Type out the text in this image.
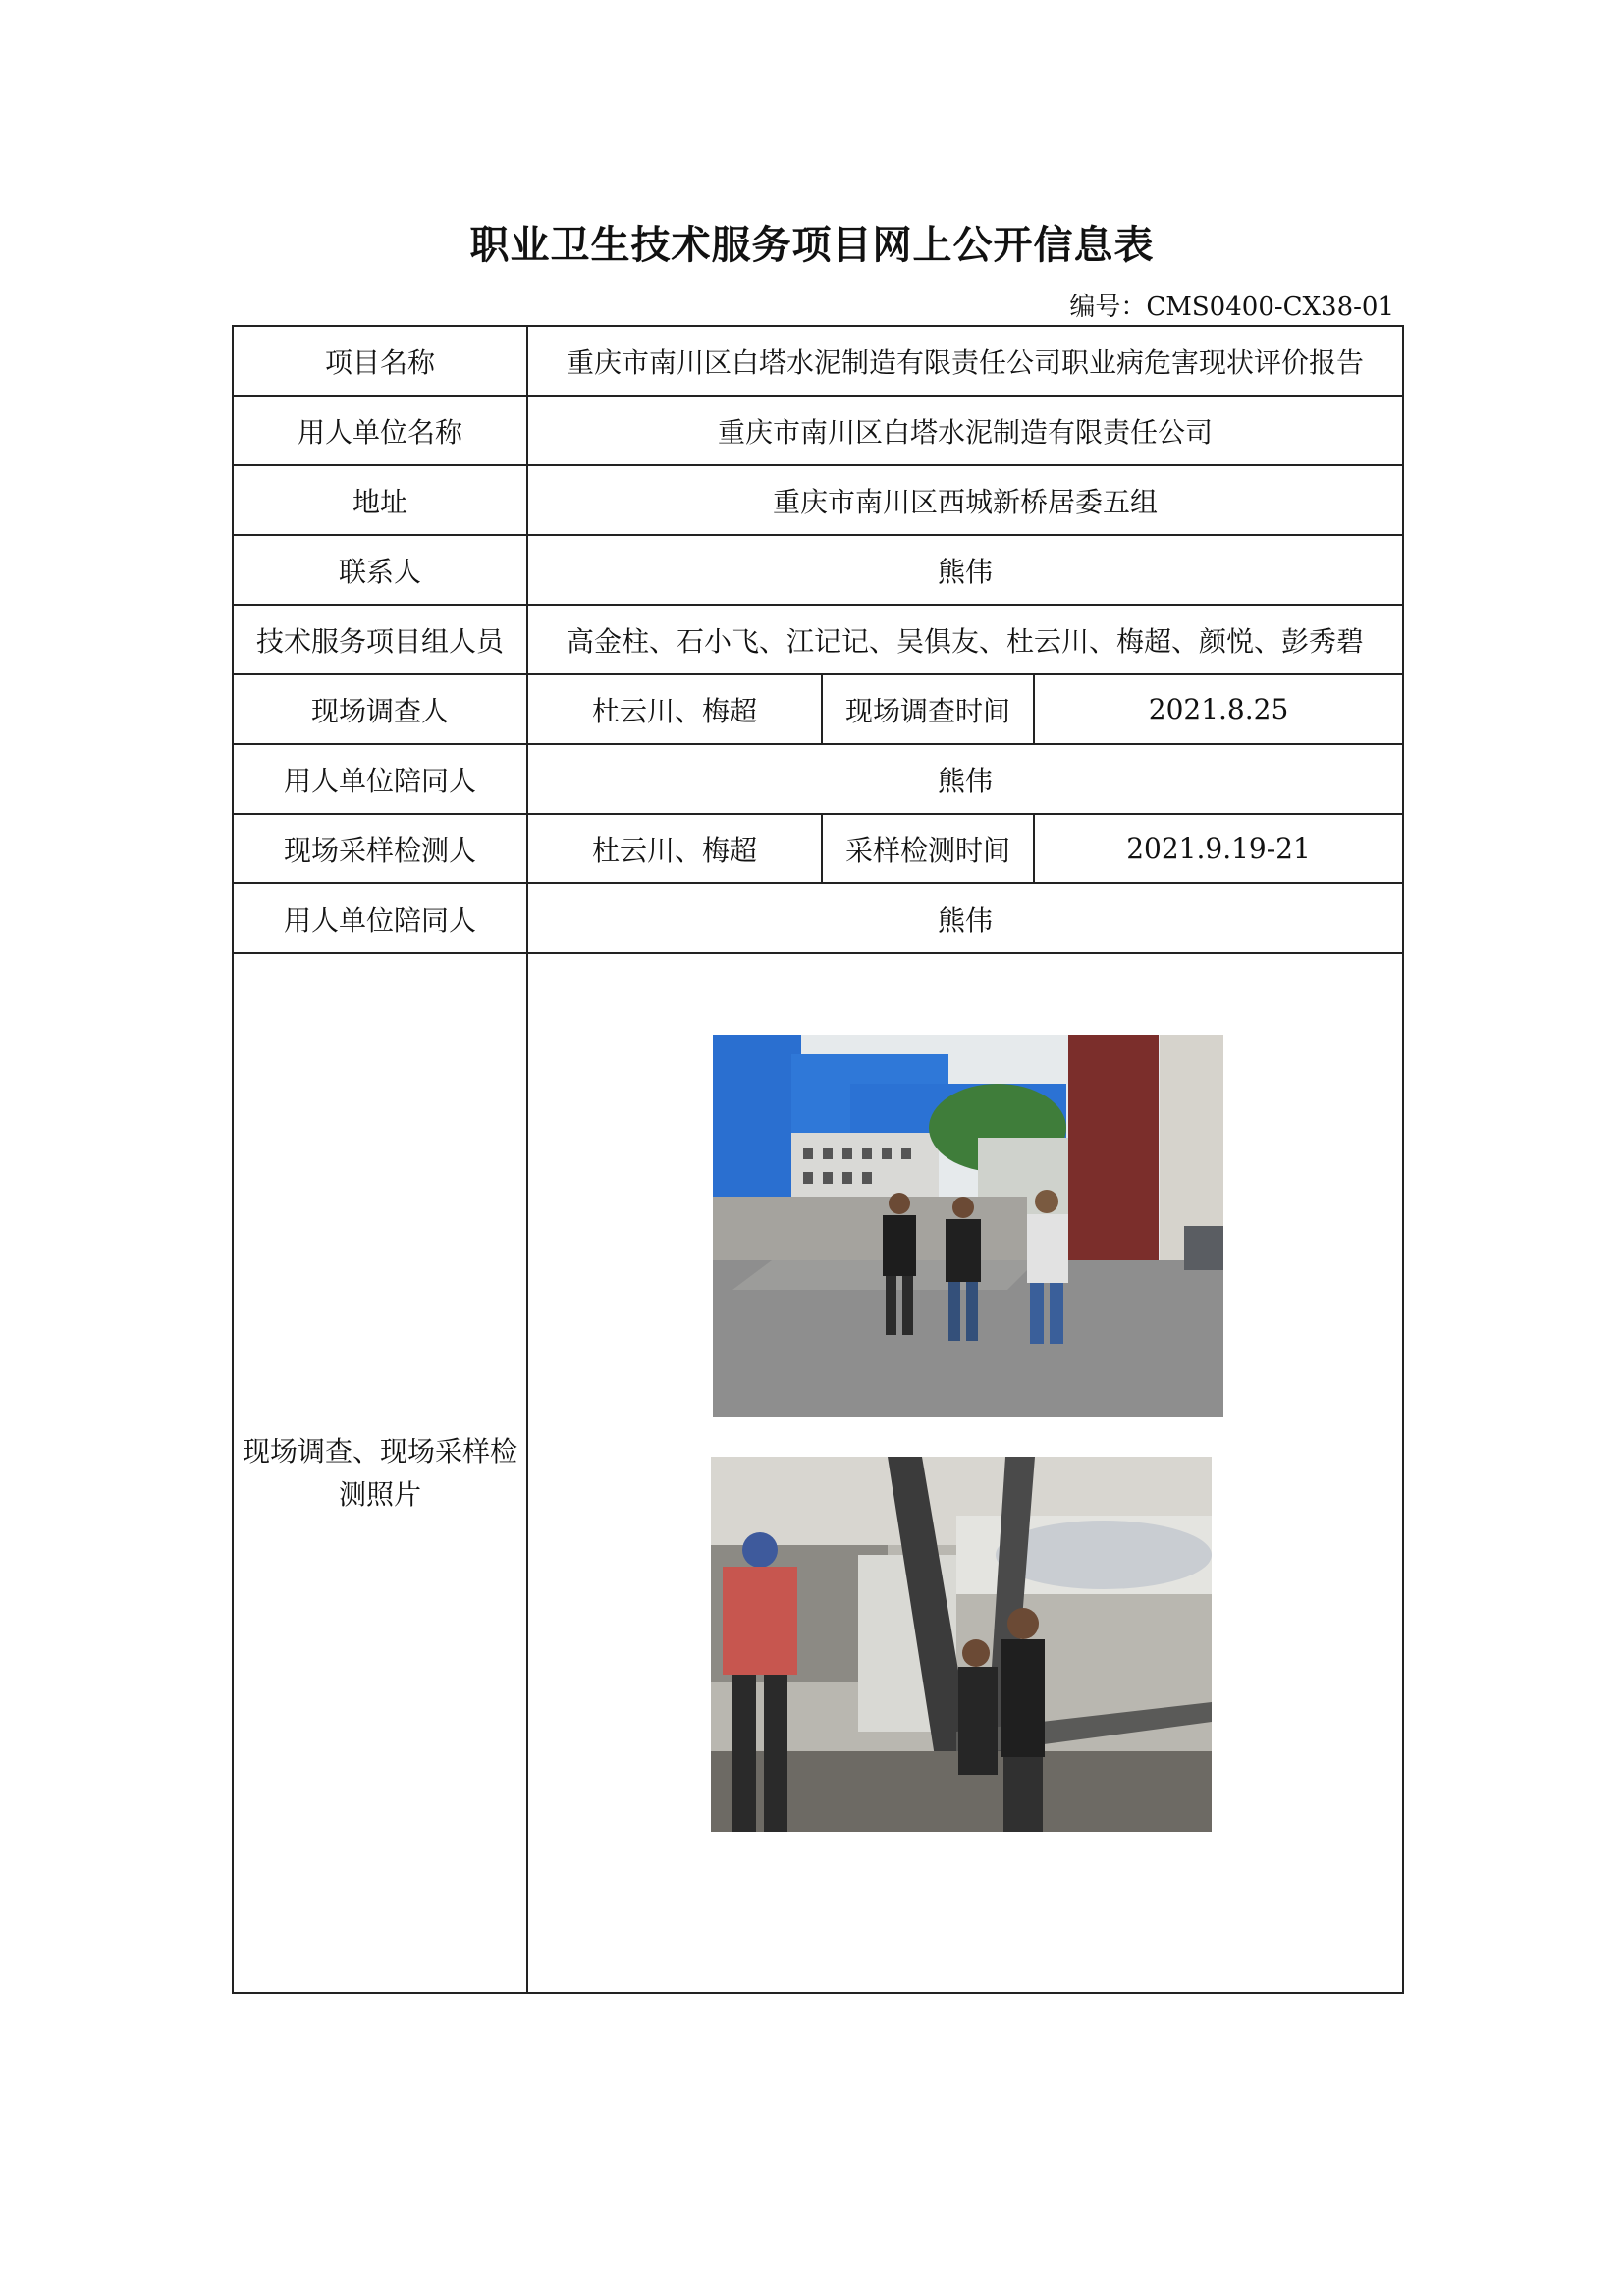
职业卫生技术服务项目网上公开信息表
编号：CMS0400-CX38-01
项目名称	重庆市南川区白塔水泥制造有限责任公司职业病危害现状评价报告		
用人单位名称	重庆市南川区白塔水泥制造有限责任公司		
地址	重庆市南川区西城新桥居委五组		
联系人	熊伟		
技术服务项目组人员	高金柱、石小飞、江记记、吴俱友、杜云川、梅超、颜悦、彭秀碧		
现场调查人	杜云川、梅超	现场调查时间	2021.8.25
用人单位陪同人	熊伟		
现场采样检测人	杜云川、梅超	采样检测时间	2021.9.19-21
用人单位陪同人	熊伟		
现场调查、现场采样检测照片	
